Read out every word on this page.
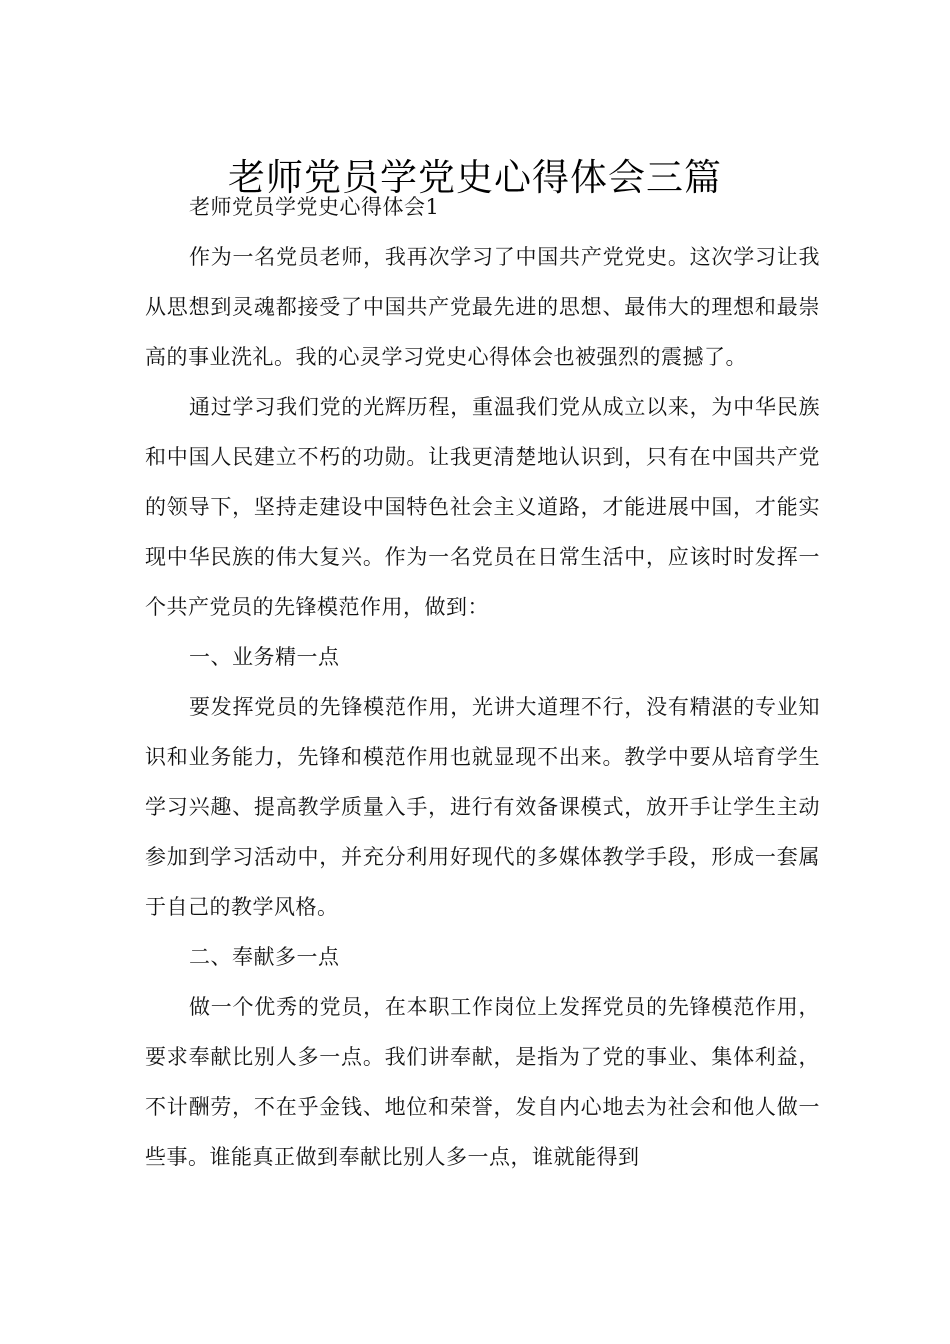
老师党员学党史心得体会三篇

老师党员学党史心得体会1

作为一名党员老师，我再次学习了中国共产党党史。这次学习让我从思想到灵魂都接受了中国共产党最先进的思想、最伟大的理想和最崇高的事业洗礼。我的心灵学习党史心得体会也被强烈的震撼了。

通过学习我们党的光辉历程，重温我们党从成立以来，为中华民族和中国人民建立不朽的功勋。让我更清楚地认识到，只有在中国共产党的领导下，坚持走建设中国特色社会主义道路，才能进展中国，才能实现中华民族的伟大复兴。作为一名党员在日常生活中，应该时时发挥一个共产党员的先锋模范作用，做到：

一、业务精一点

要发挥党员的先锋模范作用，光讲大道理不行，没有精湛的专业知识和业务能力，先锋和模范作用也就显现不出来。教学中要从培育学生学习兴趣、提高教学质量入手，进行有效备课模式，放开手让学生主动参加到学习活动中，并充分利用好现代的多媒体教学手段，形成一套属于自己的教学风格。

二、奉献多一点

做一个优秀的党员，在本职工作岗位上发挥党员的先锋模范作用，要求奉献比别人多一点。我们讲奉献，是指为了党的事业、集体利益，不计酬劳，不在乎金钱、地位和荣誉，发自内心地去为社会和他人做一些事。谁能真正做到奉献比别人多一点，谁就能得到
